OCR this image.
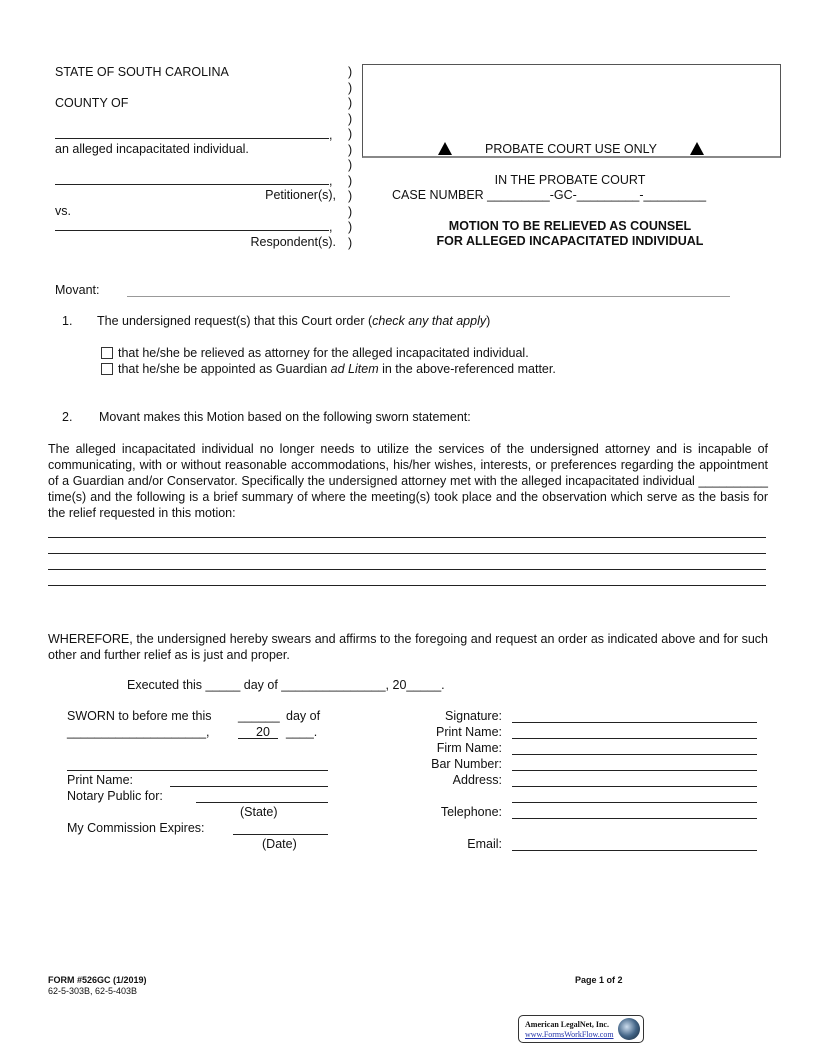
STATE OF SOUTH CAROLINA
COUNTY OF
,
an alleged incapacitated individual.
,
Petitioner(s),
vs.
,
Respondent(s).
)
)
)
)
)
)
)
)
)
)
)
)
PROBATE COURT USE ONLY
IN THE PROBATE COURT
CASE NUMBER _________-GC-_________-_________
MOTION TO BE RELIEVED AS COUNSEL
FOR ALLEGED INCAPACITATED INDIVIDUAL
Movant:
1. The undersigned request(s) that this Court order (check any that apply)
that he/she be relieved as attorney for the alleged incapacitated individual.
that he/she be appointed as Guardian ad Litem in the above-referenced matter.
2. Movant makes this Motion based on the following sworn statement:
The alleged incapacitated individual no longer needs to utilize the services of the undersigned attorney and is incapable of communicating, with or without reasonable accommodations, his/her wishes, interests, or preferences regarding the appointment of a Guardian and/or Conservator. Specifically the undersigned attorney met with the alleged incapacitated individual __________ time(s) and the following is a brief summary of where the meeting(s) took place and the observation which serve as the basis for the relief requested in this motion:
WHEREFORE, the undersigned hereby swears and affirms to the foregoing and request an order as indicated above and for such other and further relief as is just and proper.
Executed this _____ day of _______________, 20_____.
SWORN to before me this ______ day of
____________________,	20 ____.
Print Name:
Notary Public for:
(State)
My Commission Expires:
(Date)
Signature:
Print Name:
Firm Name:
Bar Number:
Address:
Telephone:
Email:
FORM #526GC (1/2019)
62-5-303B, 62-5-403B
Page 1 of 2
American LegalNet, Inc.
www.FormsWorkFlow.com
